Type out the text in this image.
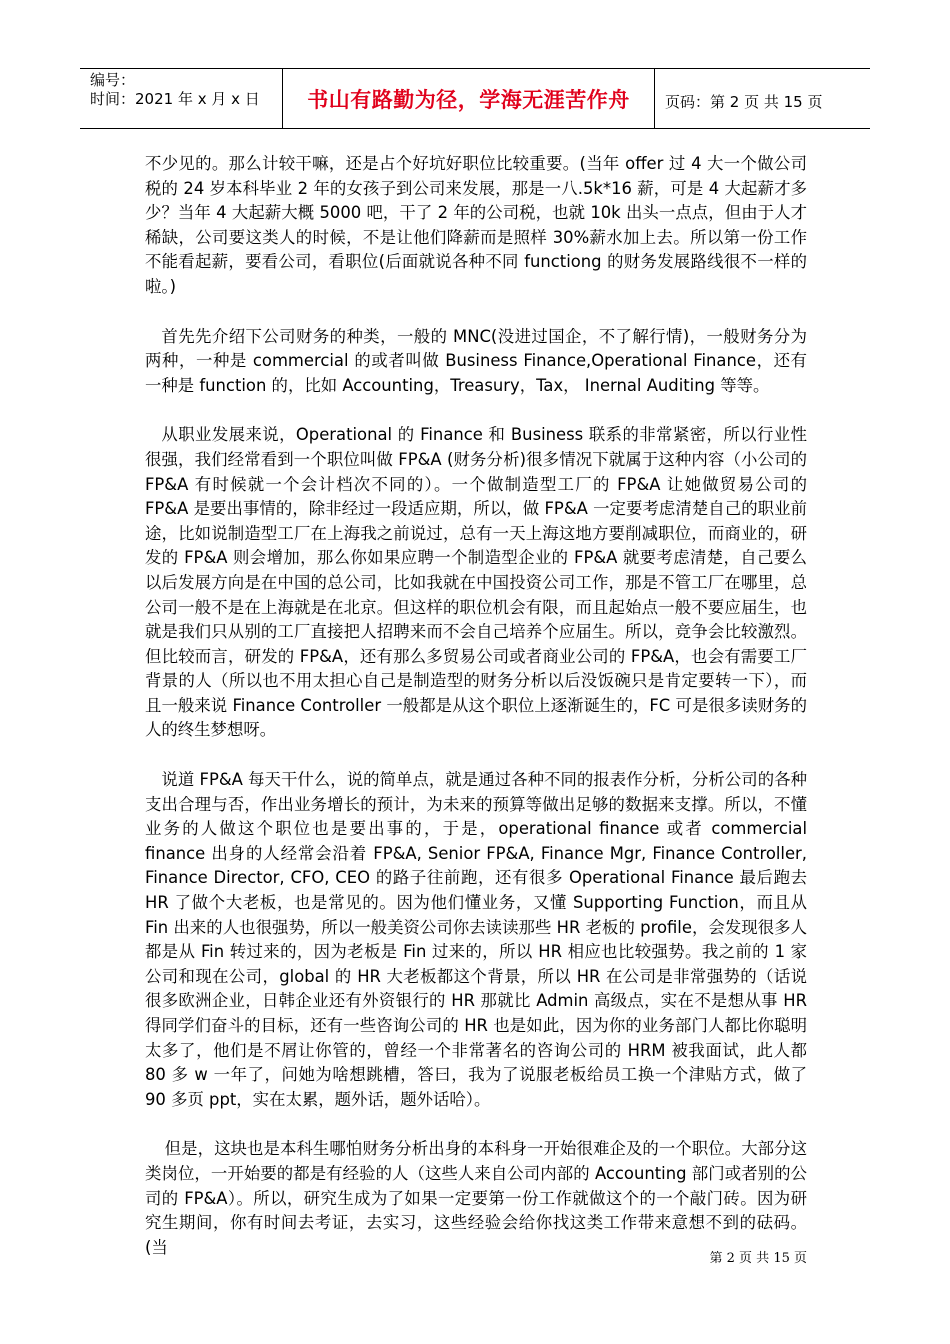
编号：
时间：2021 年 x 月 x 日	书山有路勤为径，学海无涯苦作舟 页码：第 2 页 共 15 页

不少见的。那么计较干嘛，还是占个好坑好职位比较重要。(当年 offer 过 4 大一个做公司税的 24 岁本科毕业 2 年的女孩子到公司来发展，那是一八.5k*16 薪，可是 4 大起薪才多少？当年 4 大起薪大概 5000 吧，干了 2 年的公司税，也就 10k 出头一点点，但由于人才稀缺，公司要这类人的时候，不是让他们降薪而是照样 30%薪水加上去。所以第一份工作不能看起薪，要看公司，看职位(后面就说各种不同 functiong 的财务发展路线很不一样的啦。)

首先先介绍下公司财务的种类，一般的 MNC(没进过国企，不了解行情)，一般财务分为两种，一种是 commercial 的或者叫做 Business Finance,Operational Finance，还有一种是 function 的，比如 Accounting，Treasury，Tax， Inernal Auditing 等等。

从职业发展来说，Operational 的 Finance 和 Business 联系的非常紧密，所以行业性很强，我们经常看到一个职位叫做 FP&A (财务分析)很多情况下就属于这种内容（小公司的 FP&A 有时候就一个会计档次不同的）。一个做制造型工厂的 FP&A 让她做贸易公司的 FP&A 是要出事情的，除非经过一段适应期，所以，做 FP&A 一定要考虑清楚自己的职业前途，比如说制造型工厂在上海我之前说过，总有一天上海这地方要削减职位，而商业的，研发的 FP&A 则会增加，那么你如果应聘一个制造型企业的 FP&A 就要考虑清楚，自己要么以后发展方向是在中国的总公司，比如我就在中国投资公司工作，那是不管工厂在哪里，总公司一般不是在上海就是在北京。但这样的职位机会有限，而且起始点一般不要应届生，也就是我们只从别的工厂直接把人招聘来而不会自己培养个应届生。所以，竞争会比较激烈。但比较而言，研发的 FP&A，还有那么多贸易公司或者商业公司的 FP&A，也会有需要工厂背景的人（所以也不用太担心自己是制造型的财务分析以后没饭碗只是肯定要转一下），而且一般来说 Finance Controller 一般都是从这个职位上逐渐诞生的，FC 可是很多读财务的人的终生梦想呀。

说道 FP&A 每天干什么，说的简单点，就是通过各种不同的报表作分析，分析公司的各种支出合理与否，作出业务增长的预计，为未来的预算等做出足够的数据来支撑。所以，不懂业务的人做这个职位也是要出事的，于是，operational finance 或者 commercial finance 出身的人经常会沿着 FP&A, Senior FP&A, Finance Mgr, Finance Controller, Finance Director, CFO, CEO 的路子往前跑，还有很多 Operational Finance 最后跑去 HR 了做个大老板，也是常见的。因为他们懂业务，又懂 Supporting Function，而且从 Fin 出来的人也很强势，所以一般美资公司你去读读那些 HR 老板的 profile，会发现很多人都是从 Fin 转过来的，因为老板是 Fin 过来的，所以 HR 相应也比较强势。我之前的 1 家公司和现在公司，global 的 HR 大老板都这个背景，所以 HR 在公司是非常强势的（话说很多欧洲企业，日韩企业还有外资银行的 HR 那就比 Admin 高级点，实在不是想从事 HR 得同学们奋斗的目标，还有一些咨询公司的 HR 也是如此，因为你的业务部门人都比你聪明太多了，他们是不屑让你管的，曾经一个非常著名的咨询公司的 HRM 被我面试，此人都 80 多 w 一年了，问她为啥想跳槽，答曰，我为了说服老板给员工换一个津贴方式，做了 90 多页 ppt，实在太累，题外话，题外话哈）。

但是，这块也是本科生哪怕财务分析出身的本科身一开始很难企及的一个职位。大部分这类岗位，一开始要的都是有经验的人（这些人来自公司内部的 Accounting 部门或者别的公司的 FP&A）。所以，研究生成为了如果一定要第一份工作就做这个的一个敲门砖。因为研究生期间，你有时间去考证，去实习，这些经验会给你找这类工作带来意想不到的砝码。(当

第 2 页 共 15 页
